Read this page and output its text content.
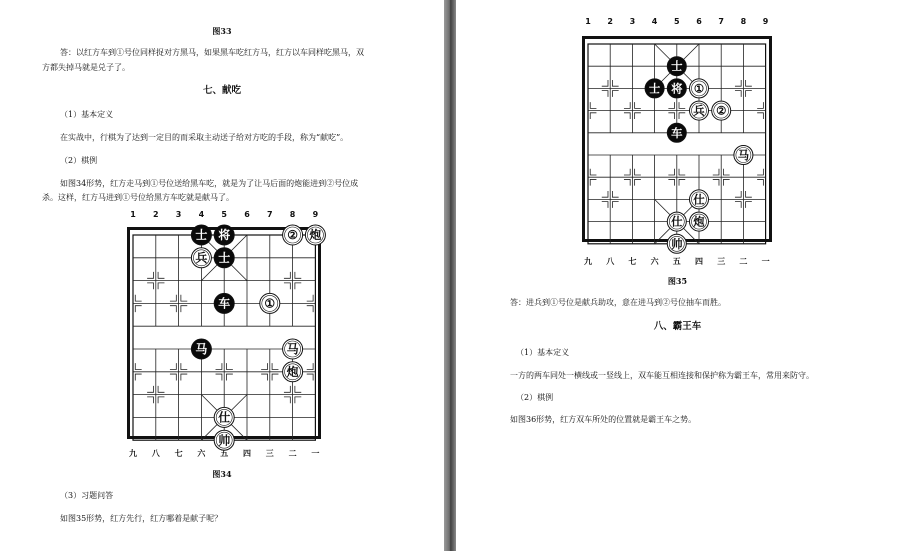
图33
答：以红方车到①号位同样捉对方黑马，如果黑车吃红方马，红方以车同样吃黑马，双
方都失掉马就是兑子了。
七、献吃
（1）基本定义
在实战中，行棋为了达到一定目的而采取主动送子给对方吃的手段，称为“献吃”。
（2）棋例
如图34形势，红方走马到①号位送给黑车吃，就是为了让马后面的炮能进到②号位成
杀。这样，红方马进到①号位给黑方车吃就是献马了。
1 2 3 4 5 6 7 8 9
士 将	② 炮
兵 士
车	①
马	马
炮
仕
帅
九 八 七 六 五 四 三 二 一
图34
（3）习题问答
如图35形势，红方先行，红方哪着是献子呢？
1 2 3 4 5 6 7 8 9
士
士 将 ①
兵 ②
车
马
仕
仕 炮
帅
九 八 七 六 五 四 三 二 一
图35
答：进兵到①号位是献兵助攻，意在进马到②号位抽车而胜。
八、霸王车
（1）基本定义
一方的两车同处一横线或一竖线上，双车能互相连接和保护称为霸王车，常用来防守。
（2）棋例
如图36形势，红方双车所处的位置就是霸王车之势。
